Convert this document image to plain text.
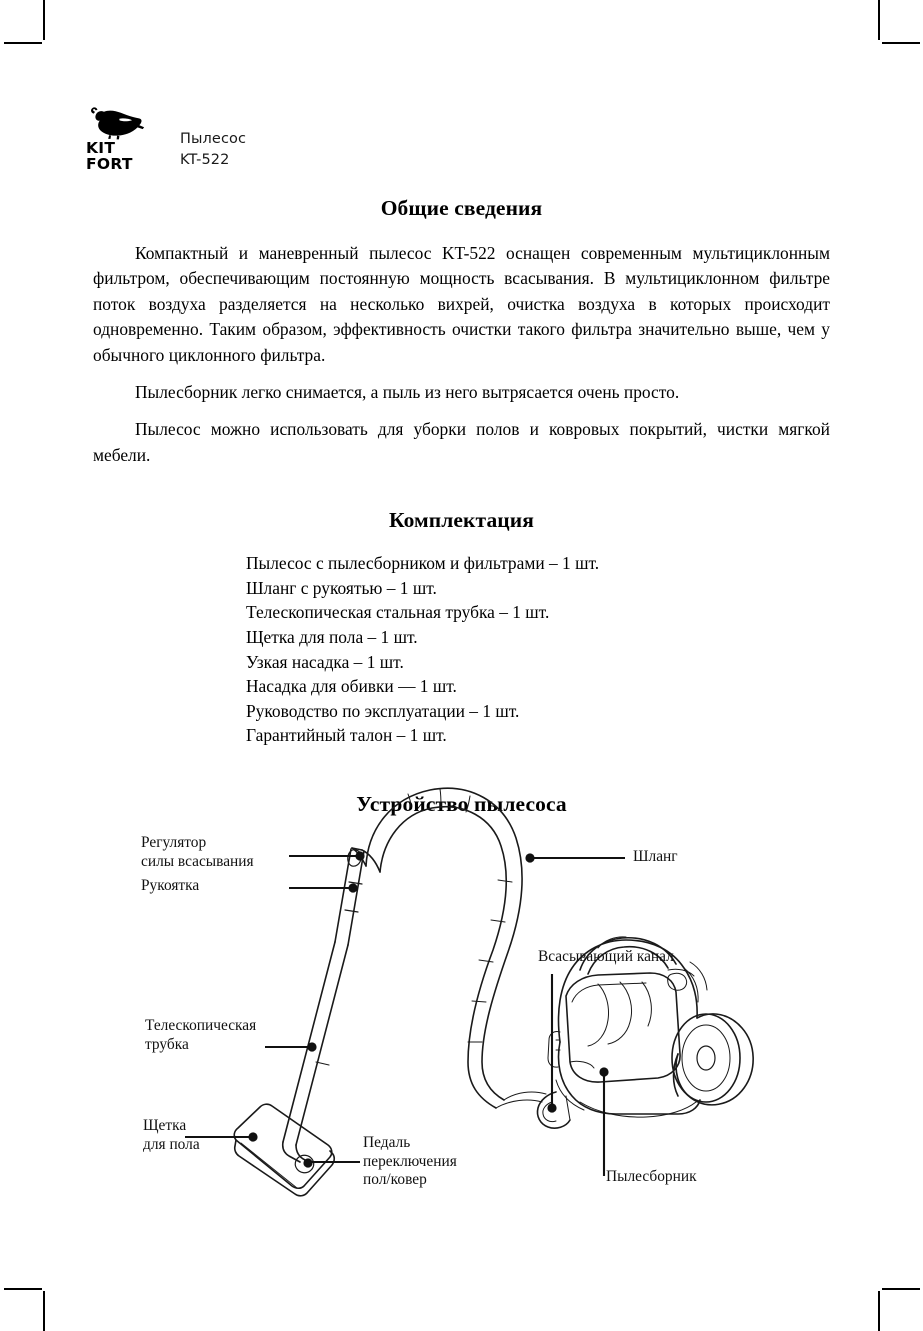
KIT
FORT
Пылесос
KT-522
Общие сведения

Компактный и маневренный пылесос KT-522 оснащен современным мультициклонным фильтром, обеспечивающим постоянную мощность всасывания. В мультициклонном фильтре поток воздуха разделяется на несколько вихрей, очистка воздуха в которых происходит одновременно. Таким образом, эффективность очистки такого фильтра значительно выше, чем у обычного циклонного фильтра.

Пылесборник легко снимается, а пыль из него вытрясается очень просто.

Пылесос можно использовать для уборки полов и ковровых покрытий, чистки мягкой мебели.

Комплектация
Пылесос с пылесборником и фильтрами – 1 шт.
Шланг с рукоятью – 1 шт.
Телескопическая стальная трубка – 1 шт.
Щетка для пола – 1 шт.
Узкая насадка – 1 шт.
Насадка для обивки — 1 шт.
Руководство по эксплуатации – 1 шт.
Гарантийный талон – 1 шт.
Устройство пылесоса
Регулятор
силы всасывания
Рукоятка
Телескопическая
трубка
Щетка
для пола	Педаль
переключения
пол/ковер
Шланг
Всасывающий канал
Пылесборник
